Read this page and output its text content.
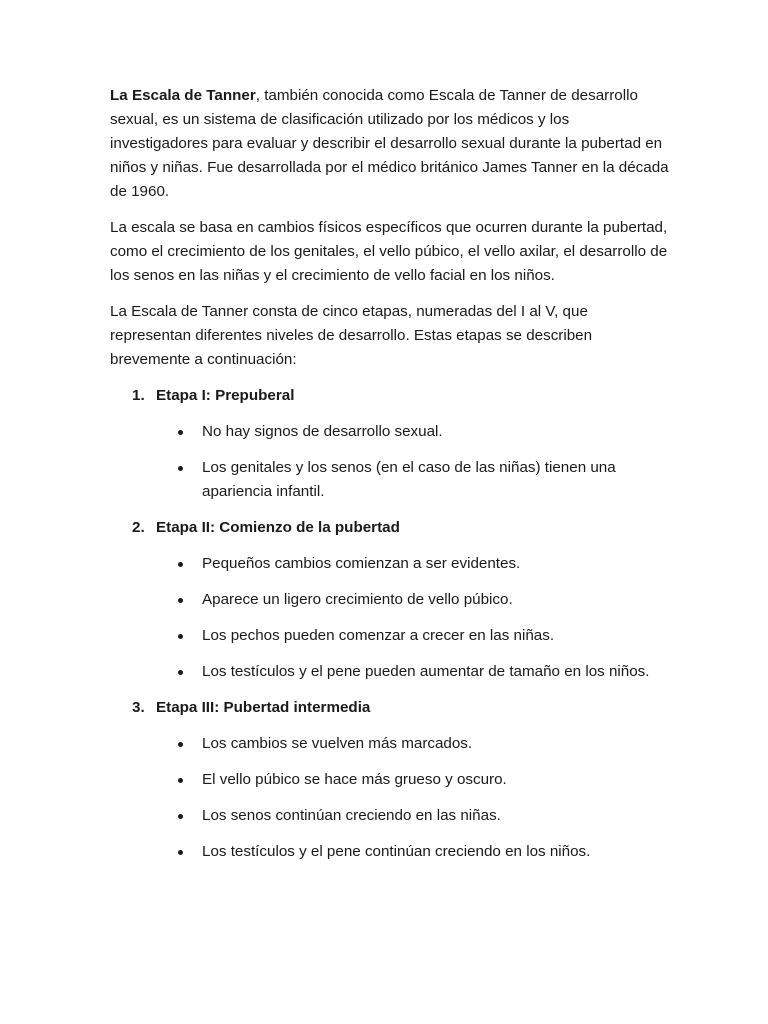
La Escala de Tanner, también conocida como Escala de Tanner de desarrollo sexual, es un sistema de clasificación utilizado por los médicos y los investigadores para evaluar y describir el desarrollo sexual durante la pubertad en niños y niñas. Fue desarrollada por el médico británico James Tanner en la década de 1960.

La escala se basa en cambios físicos específicos que ocurren durante la pubertad, como el crecimiento de los genitales, el vello púbico, el vello axilar, el desarrollo de los senos en las niñas y el crecimiento de vello facial en los niños.

La Escala de Tanner consta de cinco etapas, numeradas del I al V, que representan diferentes niveles de desarrollo. Estas etapas se describen brevemente a continuación:

1. Etapa I: Prepuberal
No hay signos de desarrollo sexual.
Los genitales y los senos (en el caso de las niñas) tienen una apariencia infantil.
2. Etapa II: Comienzo de la pubertad
Pequeños cambios comienzan a ser evidentes.
Aparece un ligero crecimiento de vello púbico.
Los pechos pueden comenzar a crecer en las niñas.
Los testículos y el pene pueden aumentar de tamaño en los niños.
3. Etapa III: Pubertad intermedia
Los cambios se vuelven más marcados.
El vello púbico se hace más grueso y oscuro.
Los senos continúan creciendo en las niñas.
Los testículos y el pene continúan creciendo en los niños.
